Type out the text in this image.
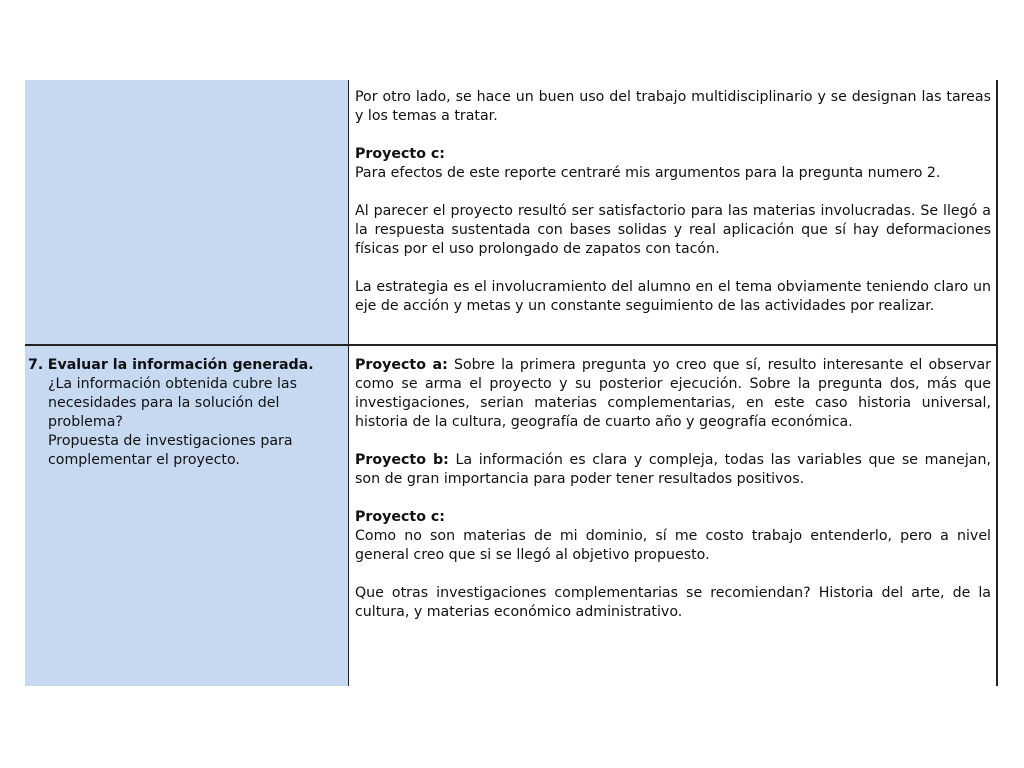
Por otro lado, se hace un buen uso del trabajo multidisciplinario y se designan las tareas y los temas a tratar.

Proyecto c:
Para efectos de este reporte centraré mis argumentos para la pregunta numero 2.

Al parecer el proyecto resultó ser satisfactorio para las materias involucradas. Se llegó a la respuesta sustentada con bases solidas y real aplicación que sí hay deformaciones físicas por el uso prolongado de zapatos con tacón.

La estrategia es el involucramiento del alumno en el tema obviamente teniendo claro un eje de acción y metas y un constante seguimiento de las actividades por realizar.

7. Evaluar la información generada.
¿La información obtenida cubre las necesidades para la solución del problema?
Propuesta de investigaciones para complementar el proyecto.

Proyecto a: Sobre la primera pregunta yo creo que sí, resulto interesante el observar como se arma el proyecto y su posterior ejecución. Sobre la pregunta dos, más que investigaciones, serian materias complementarias, en este caso historia universal, historia de la cultura, geografía de cuarto año y geografía económica.

Proyecto b: La información es clara y compleja, todas las variables que se manejan, son de gran importancia para poder tener resultados positivos.

Proyecto c:
Como no son materias de mi dominio, sí me costo trabajo entenderlo, pero a nivel general creo que si se llegó al objetivo propuesto.

Que otras investigaciones complementarias se recomiendan? Historia del arte, de la cultura, y materias económico administrativo.
